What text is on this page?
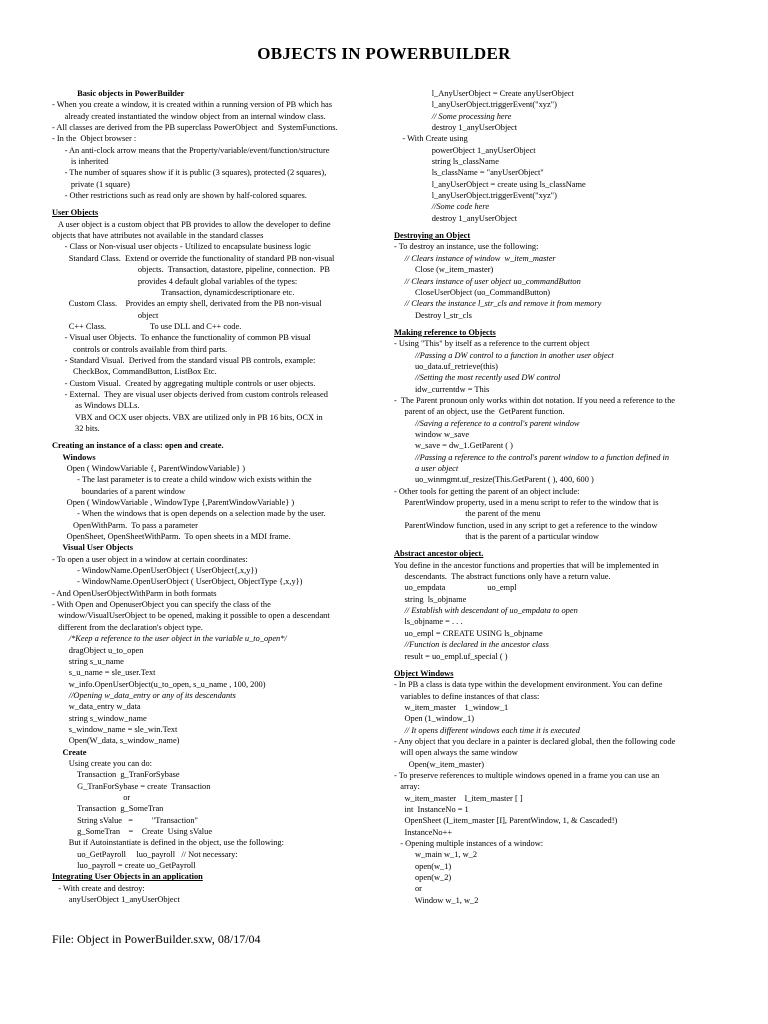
OBJECTS IN POWERBUILDER
Basic objects in PowerBuilder
- When you create a window, it is created within a running version of PB which has
already created instantiated the window object from an internal window class.
- All classes are derived from the PB superclass PowerObject  and  SystemFunctions.
- In the  Object browser :
- An anti-clock arrow means that the Property/variable/event/function/structure
is inherited
- The number of squares show if it is public (3 squares), protected (2 squares),
private (1 square)
- Other restrictions such as read only are shown by half-colored squares.
User Objects
A user object is a custom object that PB provides to allow the developer to define
objects that have attributes not available in the standard classes
- Class or Non-visual user objects - Utilized to encapsulate business logic
Standard Class.  Extend or override the functionality of standard PB non-visual
objects.  Transaction, datastore, pipeline, connection.  PB
provides 4 default global variables of the types:
Transaction, dynamicdescriptionare etc.
Custom Class.    Provides an empty shell, derivated from the PB non-visual
object
C++ Class.                     To use DLL and C++ code.
- Visual user Objects.  To enhance the functionality of common PB visual
controls or controls available from third parts.
- Standard Visual.  Derived from the standard visual PB controls, example:
CheckBox, CommandButton, ListBox Etc.
- Custom Visual.  Created by aggregating multiple controls or user objects.
- External.  They are visual user objects derived from custom controls released
as Windows DLLs.
VBX and OCX user objects. VBX are utilized only in PB 16 bits, OCX in
32 bits.
Creating an instance of a class: open and create.
Windows
Open ( WindowVariable {, ParentWindowVariable} )
- The last parameter is to create a child window wich exists within the
boundaries of a parent window
Open ( WindowVariable , WindowType {,ParentWindowVariable} )
- When the windows that is open depends on a selection made by the user.
OpenWithParm.  To pass a parameter
OpenSheet, OpenSheetWithParm.  To open sheets in a MDI frame.
Visual User Objects
- To open a user object in a window at certain coordinates:
- WindowName.OpenUserObject ( UserObject{,x,y})
- WindowName.OpenUserObject ( UserObject, ObjectType {,x,y})
- And OpenUserObjectWithParm in both formats
- With Open and OpenuserObject you can specify the class of the
window/VisualUserObject to be opened, making it possible to open a descendant
different from the declaration's object type.
/*Keep a reference to the user object in the variable u_to_open*/
dragObject u_to_open
string s_u_name
s_u_name = sle_user.Text
w_info.OpenUserObject(u_to_open, s_u_name , 100, 200)
//Opening w_data_entry or any of its descendants
w_data_entry w_data
string s_window_name
s_window_name = sle_win.Text
Open(W_data, s_window_name)
Create
Using create you can do:
Transaction  g_TranForSybase
G_TranForSybase = create  Transaction
or
Transaction  g_SomeTran
String sValue   =         "Transaction"
g_SomeTran    =    Create  Using sValue
But if Autoinstantiate is defined in the object, use the following:
uo_GetPayroll     luo_payroll   // Not necessary:
luo_payroll = create uo_GetPayroll
Integrating User Objects in an application
- With create and destroy:
anyUserObject 1_anyUserObject
l_AnyUserObject = Create anyUserObject
l_anyUserObject.triggerEvent("xyz")
// Some processing here
destroy 1_anyUserObject
- With Create using
powerObject 1_anyUserObject
string ls_className
ls_className = "anyUserObject"
l_anyUserObject = create using ls_className
l_anyUserObject.triggerEvent("xyz")
//Some code here
destroy 1_anyUserObject
Destroying an Object
- To destroy an instance, use the following:
// Clears instance of window  w_item_master
Close (w_item_master)
// Clears instance of user object uo_commandButton
CloseUserObject (uo_CommandButton)
// Clears the instance l_str_cls and remove it from memory
Destroy l_str_cls
Making reference to Objects
- Using "This" by itself as a reference to the current object
//Passing a DW control to a function in another user object
uo_data.uf_retrieve(this)
//Setting the most recently used DW control
idw_currentdw = This
-  The Parent pronoun only works within dot notation. If you need a reference to the
parent of an object, use the  GetParent function.
//Saving a reference to a control's parent window
window w_save
w_save = dw_1.GetParent ( )
//Passing a reference to the control's parent window to a function defined in
a user object
uo_winmgmt.uf_resize(This.GetParent ( ), 400, 600 )
- Other tools for getting the parent of an object include:
ParentWindow property, used in a menu script to refer to the window that is
the parent of the menu
ParentWindow function, used in any script to get a reference to the window
that is the parent of a particular window
Abstract ancestor object.
You define in the ancestor functions and properties that will be implemented in
descendants.  The abstract functions only have a return value.
uo_empdata                    uo_empl
string  ls_objname
// Establish with descendant of uo_empdata to open
ls_objname = . . .
uo_empl = CREATE USING ls_objname
//Function is declared in the ancestor class
result = uo_empl.uf_special ( )
Object Windows
- In PB a class is data type within the development environment. You can define
variables to define instances of that class:
w_item_master    1_window_1
Open (1_window_1)
// It opens different windows each time it is executed
- Any object that you declare in a painter is declared global, then the following code
will open always the same window
Open(w_item_master)
- To preserve references to multiple windows opened in a frame you can use an
array:
w_item_master    I_item_master [ ]
int  InstanceNo = 1
OpenSheet (I_item_master [I], ParentWindow, 1, & Cascaded!)
InstanceNo++
- Opening multiple instances of a window:
w_main w_1, w_2
open(w_1)
open(w_2)
or
Window w_1, w_2
File: Object in PowerBuilder.sxw, 08/17/04
